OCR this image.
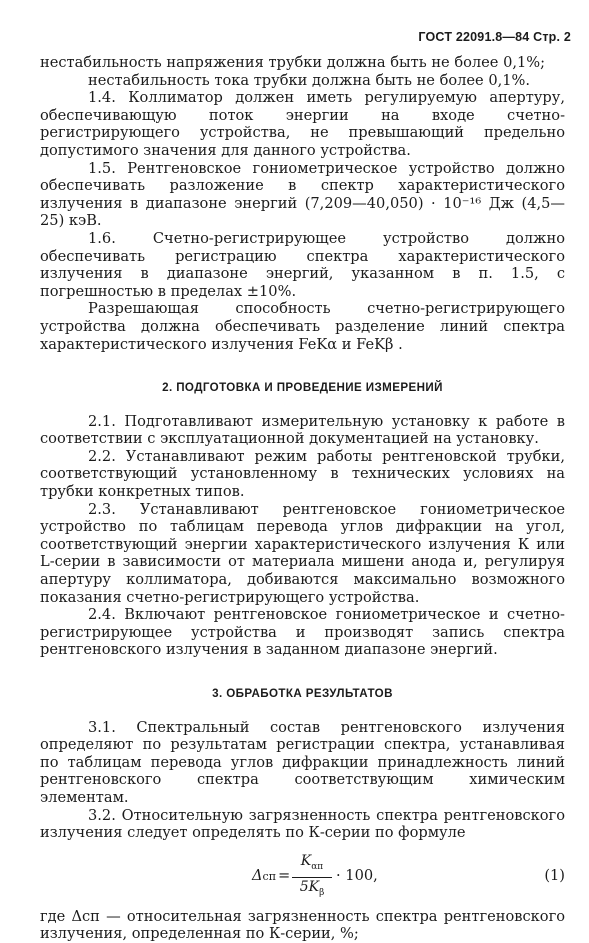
ГОСТ 22091.8—84 Стр. 2

нестабильность напряжения трубки должна быть не более 0,1%;

нестабильность тока трубки должна быть не более 0,1%.

1.4. Коллиматор должен иметь регулируемую апертуру, обеспечивающую поток энергии на входе счетно-регистрирующего устройства, не превышающий предельно допустимого значения для данного устройства.

1.5. Рентгеновское гониометрическое устройство должно обеспечивать разложение в спектр характеристического излучения в диапазоне энергий (7,209—40,050) · 10⁻¹⁶ Дж (4,5—25) кэВ.

1.6. Счетно-регистрирующее устройство должно обеспечивать регистрацию спектра характеристического излучения в диапазоне энергий, указанном в п. 1.5, с погрешностью в пределах ±10%.

Разрешающая способность счетно-регистрирующего устройства должна обеспечивать разделение линий спектра характеристического излучения FeKα и FeKβ .

2. ПОДГОТОВКА И ПРОВЕДЕНИЕ ИЗМЕРЕНИЙ

2.1. Подготавливают измерительную установку к работе в соответствии с эксплуатационной документацией на установку.

2.2. Устанавливают режим работы рентгеновской трубки, соответствующий установленному в технических условиях на трубки конкретных типов.

2.3. Устанавливают рентгеновское гониометрическое устройство по таблицам перевода углов дифракции на угол, соответствующий энергии характеристического излучения К или L-серии в зависимости от материала мишени анода и, регулируя апертуру коллиматора, добиваются максимально возможного показания счетно-регистрирующего устройства.

2.4. Включают рентгеновское гониометрическое и счетно-регистрирующее устройства и производят запись спектра рентгеновского излучения в заданном диапазоне энергий.

3. ОБРАБОТКА РЕЗУЛЬТАТОВ

3.1. Спектральный состав рентгеновского излучения определяют по результатам регистрации спектра, устанавливая по таблицам перевода углов дифракции принадлежность линий рентгеновского спектра соответствующим химическим элементам.

3.2. Относительную загрязненность спектра рентгеновского излучения следует определять по К-серии по формуле

Δсп =
$K_{\alpha п}$
$5K_\beta$
· 100,	(1)

где Δсп — относительная загрязненность спектра рентгеновского излучения, определенная по К-серии, %;
